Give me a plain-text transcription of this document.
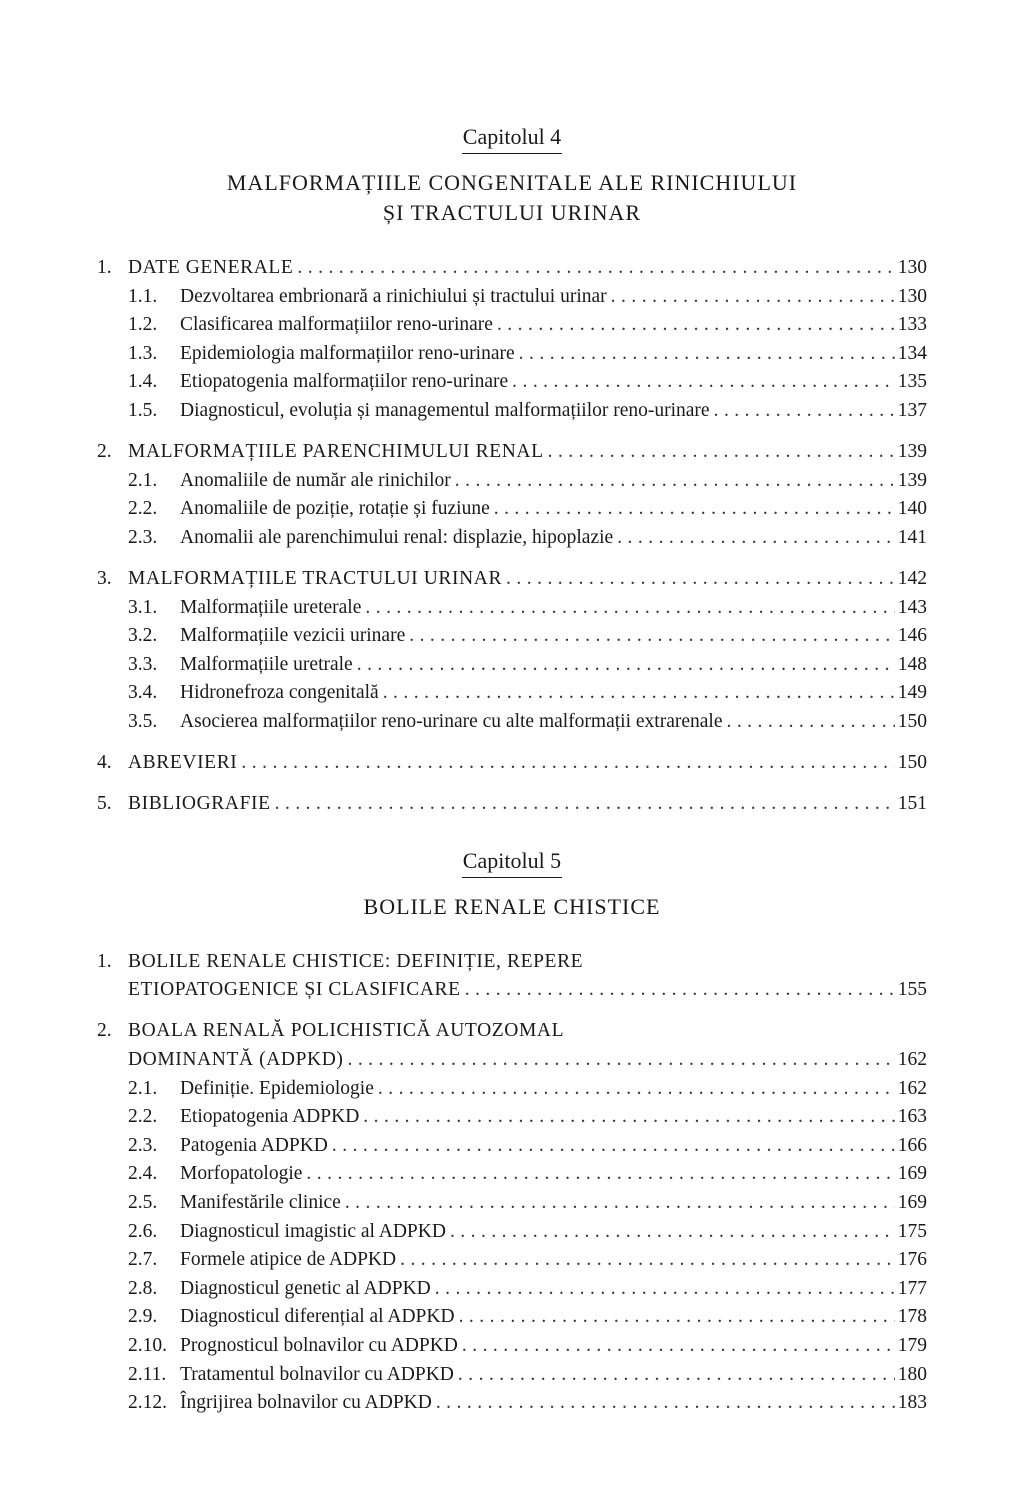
Capitolul 4
MALFORMAȚIILE CONGENITALE ALE RINICHIULUI
ȘI TRACTULUI URINAR
1. DATE GENERALE . . .	130
1.1.	Dezvoltarea embrionară a rinichiului și tractului urinar . . .	130
1.2.	Clasificarea malformațiilor reno-urinare . . .	133
1.3.	Epidemiologia malformațiilor reno-urinare . . .	134
1.4.	Etiopatogenia malformațiilor reno-urinare . . .	135
1.5.	Diagnosticul, evoluția și managementul malformațiilor reno-urinare . . .	137
2. MALFORMAȚIILE PARENCHIMULUI RENAL . . .	139
2.1.	Anomaliile de număr ale rinichilor . . .	139
2.2.	Anomaliile de poziție, rotație și fuziune . . .	140
2.3.	Anomalii ale parenchimului renal: displazie, hipoplazie . . .	141
3. MALFORMAȚIILE TRACTULUI URINAR . . .	142
3.1.	Malformațiile ureterale . . .	143
3.2.	Malformațiile vezicii urinare . . .	146
3.3.	Malformațiile uretrale . . .	148
3.4.	Hidronefroza congenitală . . .	149
3.5.	Asocierea malformațiilor reno-urinare cu alte malformații extrarenale . . .	150
4. ABREVIERI . . .	150
5. BIBLIOGRAFIE . . .	151
Capitolul 5
BOLILE RENALE CHISTICE
1. BOLILE RENALE CHISTICE: DEFINIȚIE, REPERE
ETIOPATOGENICE ȘI CLASIFICARE . . .	155
2. BOALA RENALĂ POLICHISTICĂ AUTOZOMAL
DOMINANTĂ (ADPKD) . . .	162
2.1.	Definiție. Epidemiologie . . .	162
2.2.	Etiopatogenia ADPKD . . .	163
2.3.	Patogenia ADPKD . . .	166
2.4.	Morfopatologie . . .	169
2.5.	Manifestările clinice . . .	169
2.6.	Diagnosticul imagistic al ADPKD . . .	175
2.7.	Formele atipice de ADPKD . . .	176
2.8.	Diagnosticul genetic al ADPKD . . .	177
2.9.	Diagnosticul diferențial al ADPKD . . .	178
2.10. Prognosticul bolnavilor cu ADPKD . . .	179
2.11. Tratamentul bolnavilor cu ADPKD . . .	180
2.12. Îngrijirea bolnavilor cu ADPKD . . .	183
